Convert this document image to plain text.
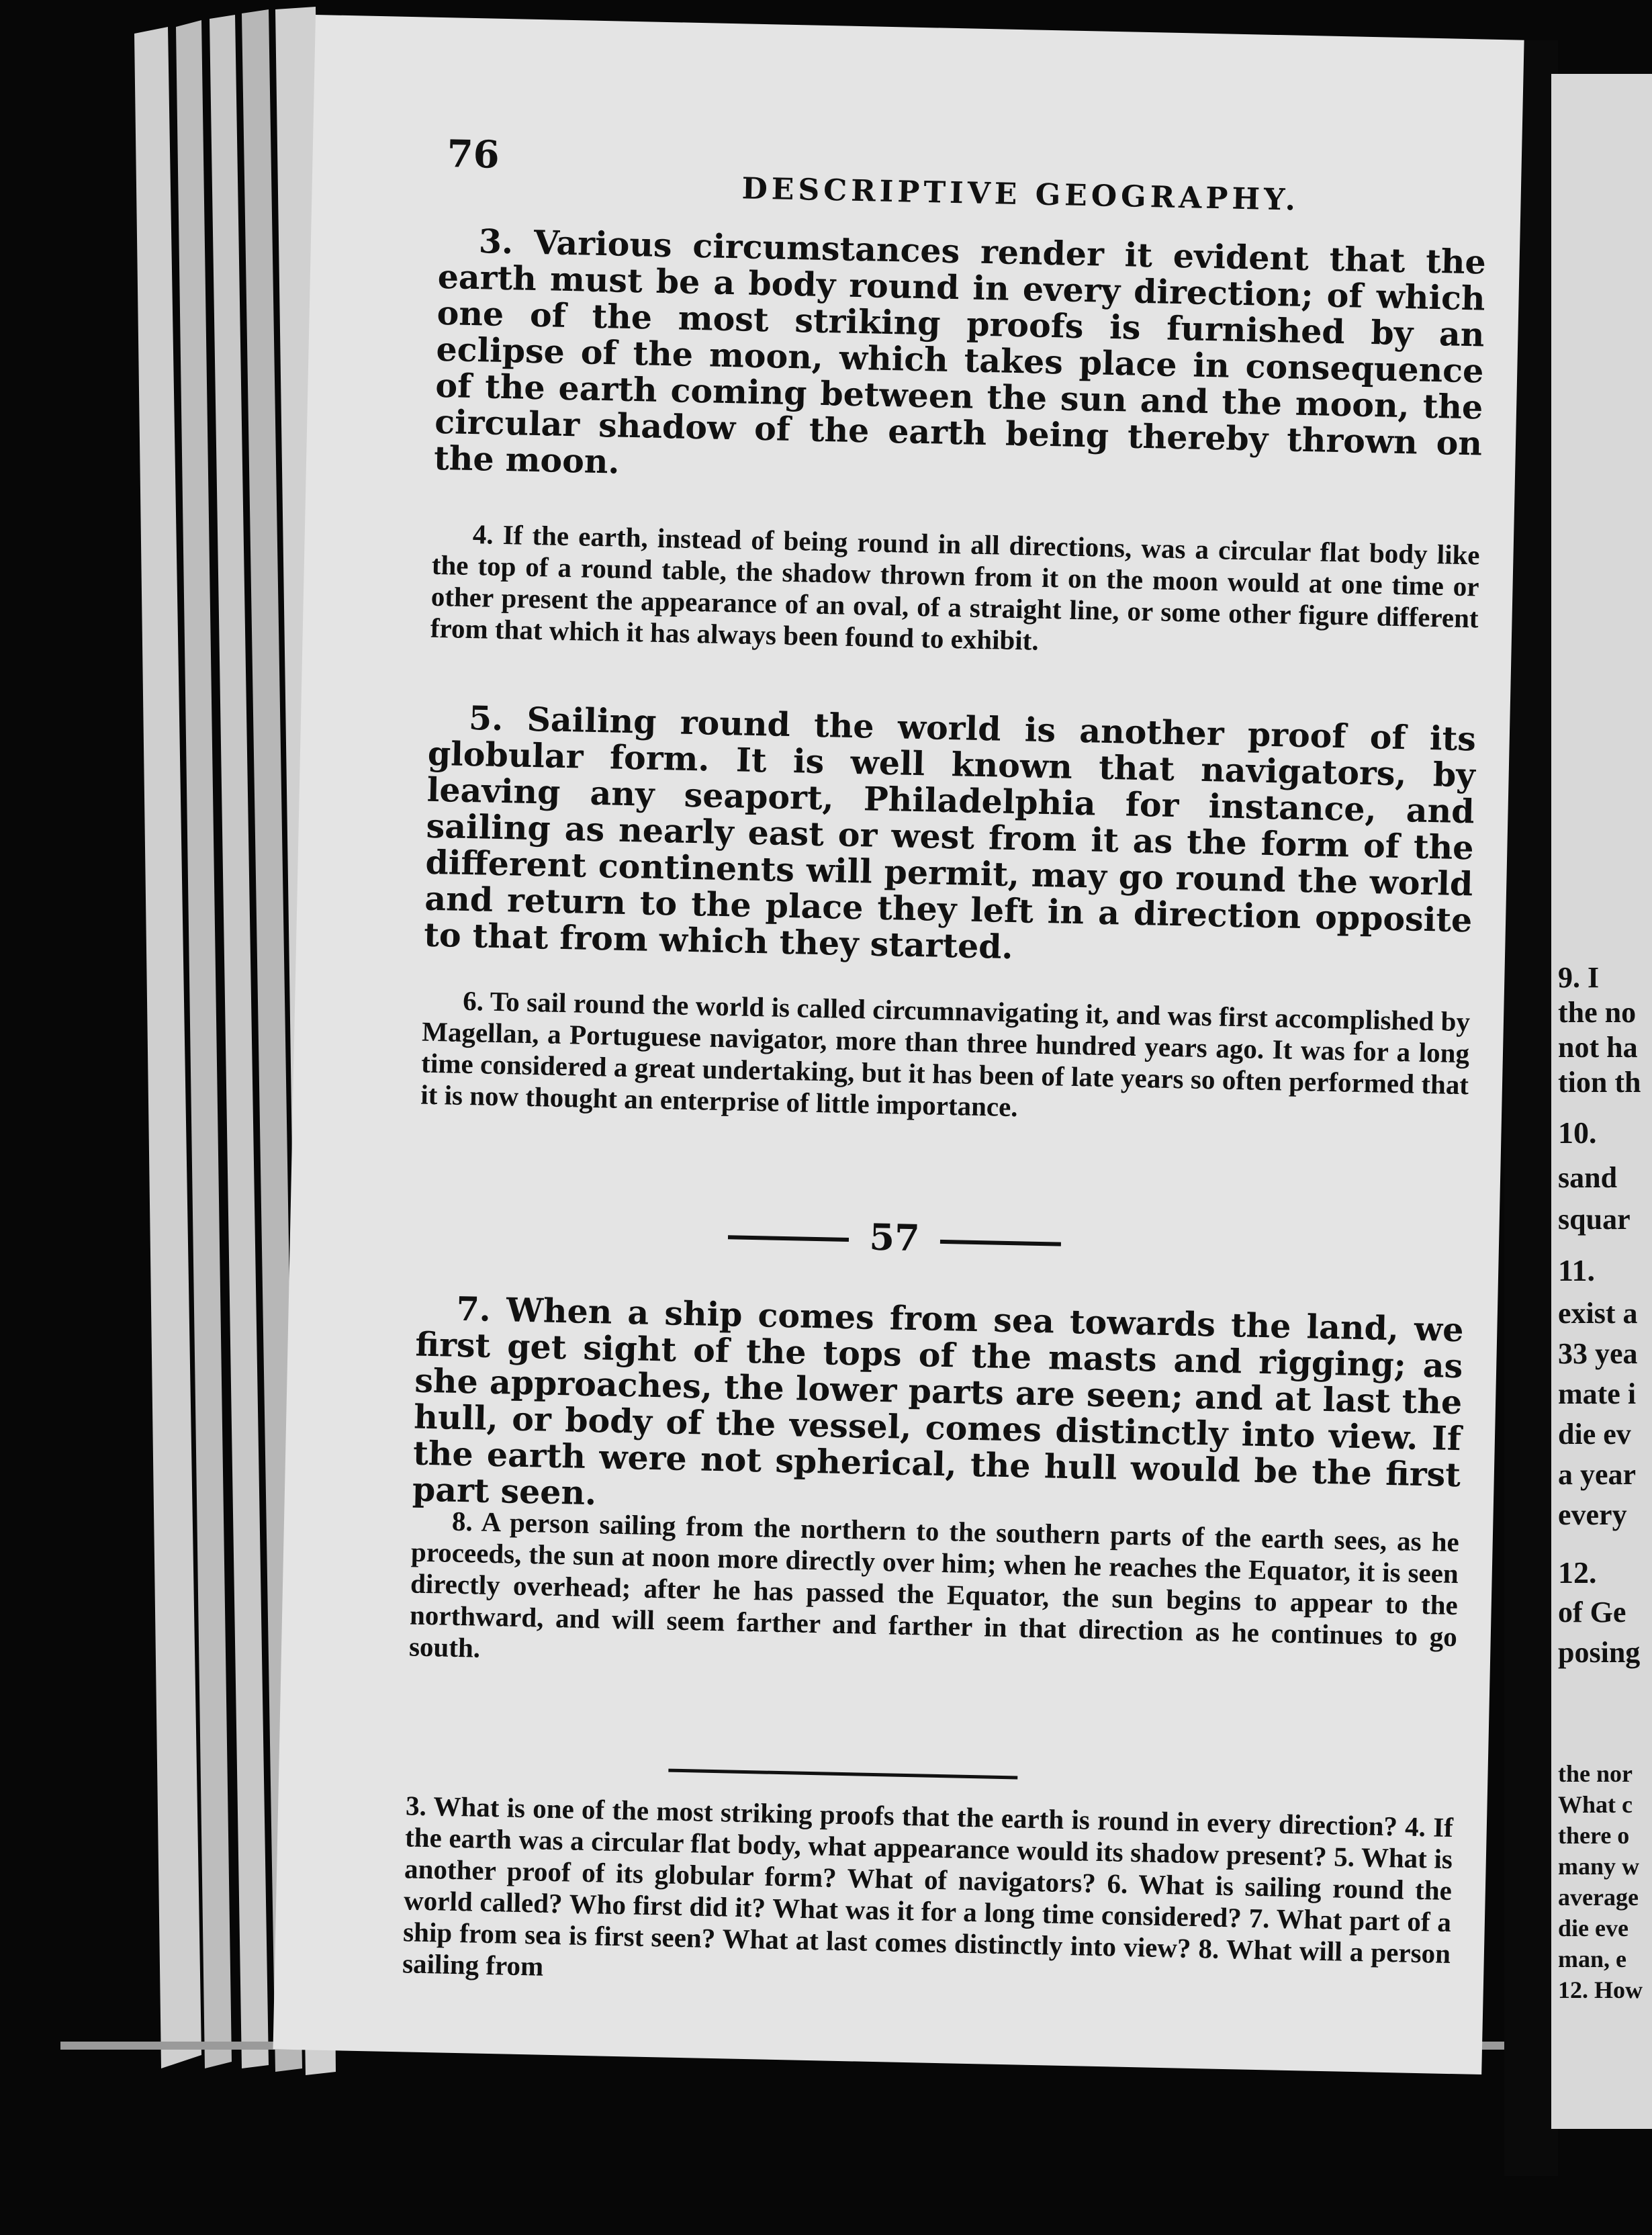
9. I

the no

not ha

tion th

10.

sand

squar

11.

exist a

33 yea

mate i

die ev

a year

every

12.

of Ge

posing

the nor

What c

there o

many w

average

die eve

man, e

12. How

76
DESCRIPTIVE GEOGRAPHY.

3. Various circumstances render it evident that the earth must be a body round in every direction; of which one of the most striking proofs is furnished by an eclipse of the moon, which takes place in consequence of the earth coming between the sun and the moon, the circular shadow of the earth being thereby thrown on the moon.

4. If the earth, instead of being round in all directions, was a circular flat body like the top of a round table, the shadow thrown from it on the moon would at one time or other present the appearance of an oval, of a straight line, or some other figure different from that which it has always been found to exhibit.

5. Sailing round the world is another proof of its globular form. It is well known that navigators, by leaving any seaport, Philadelphia for instance, and sailing as nearly east or west from it as the form of the different continents will permit, may go round the world and return to the place they left in a direction opposite to that from which they started.

6. To sail round the world is called circumnavigating it, and was first accomplished by Magellan, a Portuguese navigator, more than three hundred years ago. It was for a long time considered a great undertaking, but it has been of late years so often performed that it is now thought an enterprise of little importance.

57

7. When a ship comes from sea towards the land, we first get sight of the tops of the masts and rigging; as she approaches, the lower parts are seen; and at last the hull, or body of the vessel, comes distinctly into view. If the earth were not spherical, the hull would be the first part seen.

8. A person sailing from the northern to the southern parts of the earth sees, as he proceeds, the sun at noon more directly over him; when he reaches the Equator, it is seen directly overhead; after he has passed the Equator, the sun begins to appear to the northward, and will seem farther and farther in that direction as he continues to go south.

3. What is one of the most striking proofs that the earth is round in every direction? 4. If the earth was a circular flat body, what appearance would its shadow present? 5. What is another proof of its globular form? What of navigators? 6. What is sailing round the world called? Who first did it? What was it for a long time considered? 7. What part of a ship from sea is first seen? What at last comes distinctly into view? 8. What will a person sailing from
